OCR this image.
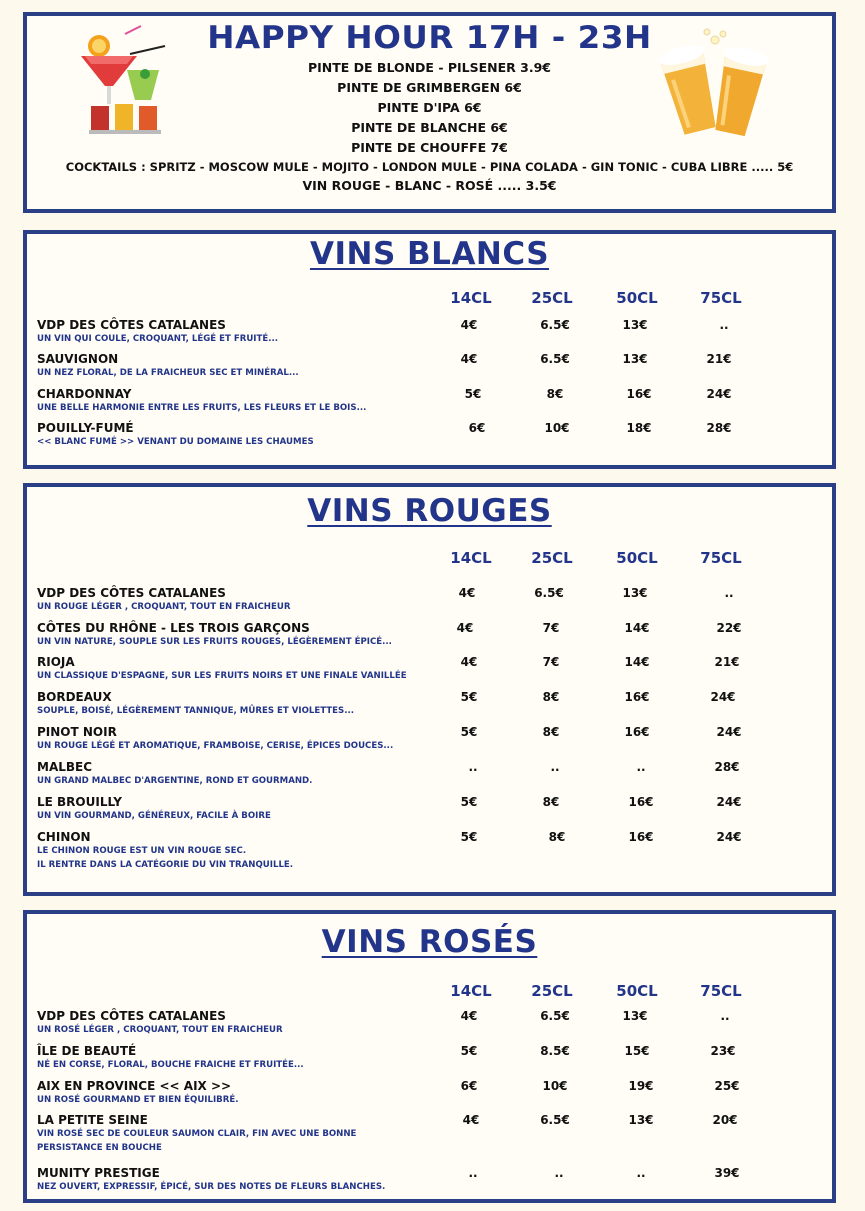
HAPPY HOUR 17H - 23H
PINTE DE BLONDE - PILSENER 3.9€
PINTE DE GRIMBERGEN 6€
PINTE D'IPA 6€
PINTE DE BLANCHE 6€
PINTE DE CHOUFFE 7€
COCKTAILS : SPRITZ - MOSCOW MULE - MOJITO - LONDON MULE - PINA COLADA - GIN TONIC - CUBA LIBRE ..... 5€
VIN ROUGE - BLANC - ROSÉ ..... 3.5€
VINS BLANCS
14CL	25CL	50CL	75CL
VDP DES CÔTES CATALANES
UN VIN QUI COULE, CROQUANT, LÉGÉ ET FRUITÉ...
4€	6.5€	13€	..
SAUVIGNON
UN NEZ FLORAL, DE LA FRAICHEUR SEC ET MINÉRAL...
4€	6.5€	13€	21€
CHARDONNAY
UNE BELLE HARMONIE ENTRE LES FRUITS, LES FLEURS ET LE BOIS...
5€	8€	16€	24€
POUILLY-FUMÉ
<< BLANC FUMÉ >> VENANT DU DOMAINE LES CHAUMES
6€	10€	18€	28€
VINS ROUGES
14CL	25CL	50CL	75CL
VDP DES CÔTES CATALANES
UN ROUGE LÉGER , CROQUANT, TOUT EN FRAICHEUR
4€	6.5€	13€	..
CÔTES DU RHÔNE - LES TROIS GARÇONS
UN VIN NATURE, SOUPLE SUR LES FRUITS ROUGES, LÉGÈREMENT ÉPICÉ...
4€	7€	14€	22€
RIOJA
UN CLASSIQUE D'ESPAGNE, SUR LES FRUITS NOIRS ET UNE FINALE VANILLÉE
4€	7€	14€	21€
BORDEAUX
SOUPLE, BOISÉ, LÉGÈREMENT TANNIQUE, MÛRES ET VIOLETTES...
5€	8€	16€	24€
PINOT NOIR
UN ROUGE LÉGÉ ET AROMATIQUE, FRAMBOISE, CERISE, ÉPICES DOUCES...
5€	8€	16€	24€
MALBEC
UN GRAND MALBEC D'ARGENTINE, ROND ET GOURMAND.
..	..	..	28€
LE BROUILLY
UN VIN GOURMAND, GÉNÉREUX, FACILE À BOIRE
5€	8€	16€	24€
CHINON
LE CHINON ROUGE EST UN VIN ROUGE SEC.
IL RENTRE DANS LA CATÉGORIE DU VIN TRANQUILLE.
5€	8€	16€	24€
VINS ROSÉS
14CL	25CL	50CL	75CL
VDP DES CÔTES CATALANES
UN ROSÉ LÉGER , CROQUANT, TOUT EN FRAICHEUR
4€	6.5€	13€	..
ÎLE DE BEAUTÉ
NÉ EN CORSE, FLORAL, BOUCHE FRAICHE ET FRUITÉE...
5€	8.5€	15€	23€
AIX EN PROVINCE << AIX >>
UN ROSÉ GOURMAND ET BIEN ÉQUILIBRÉ.
6€	10€	19€	25€
LA PETITE SEINE
VIN ROSÉ SEC DE COULEUR SAUMON CLAIR, FIN AVEC UNE BONNE
PERSISTANCE EN BOUCHE
4€	6.5€	13€	20€
MUNITY PRESTIGE
NEZ OUVERT, EXPRESSIF, ÉPICÉ, SUR DES NOTES DE FLEURS BLANCHES.
..	..	..	39€
